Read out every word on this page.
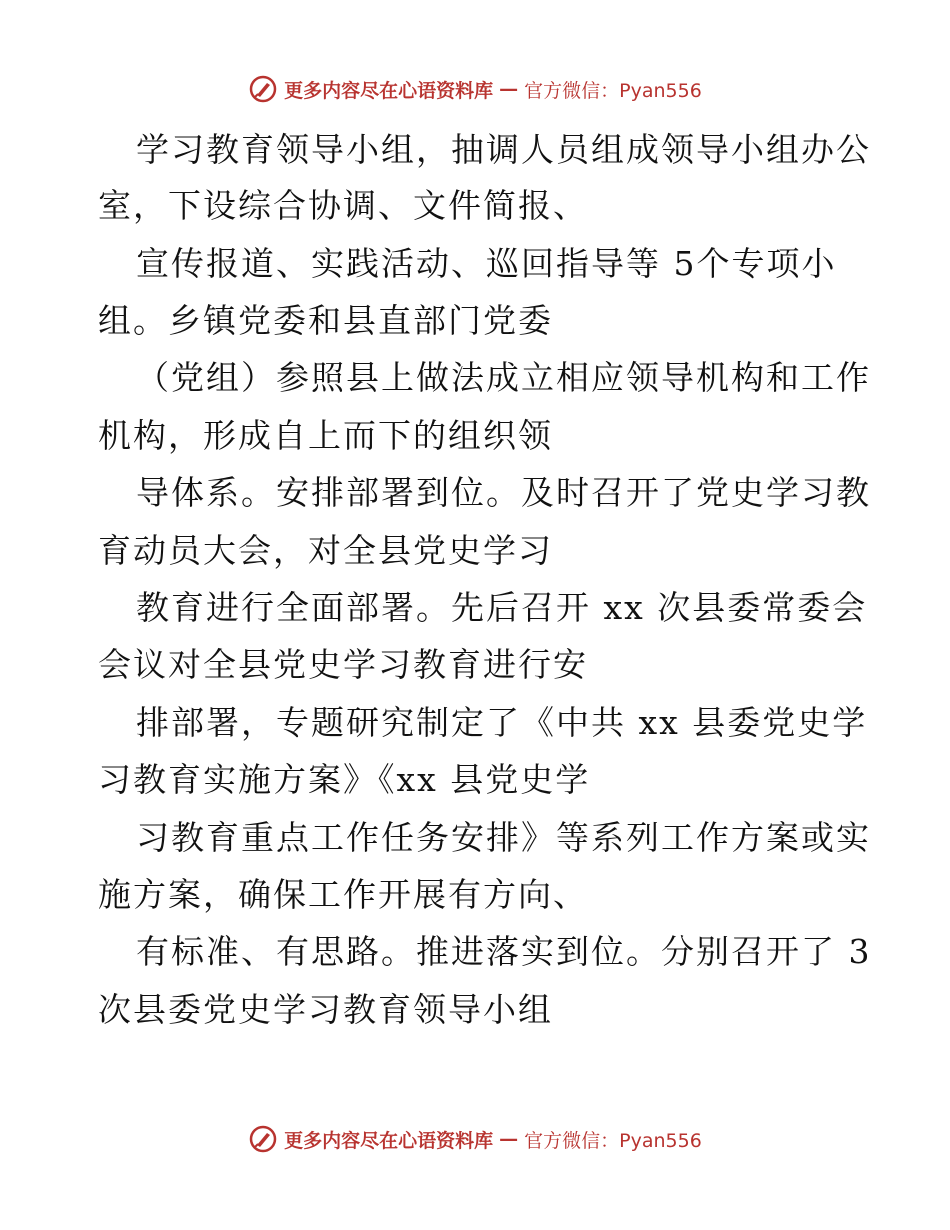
更多内容尽在心语资料库 — 官方微信：Pyan556
学习教育领导小组，抽调人员组成领导小组办公
室，下设综合协调、文件简报、
宣传报道、实践活动、巡回指导等 5个专项小
组。乡镇党委和县直部门党委
（党组）参照县上做法成立相应领导机构和工作
机构，形成自上而下的组织领
导体系。安排部署到位。及时召开了党史学习教
育动员大会，对全县党史学习
教育进行全面部署。先后召开 xx 次县委常委会
会议对全县党史学习教育进行安
排部署，专题研究制定了《中共 xx 县委党史学
习教育实施方案》《xx 县党史学
习教育重点工作任务安排》等系列工作方案或实
施方案，确保工作开展有方向、
有标准、有思路。推进落实到位。分别召开了 3
次县委党史学习教育领导小组
更多内容尽在心语资料库 — 官方微信：Pyan556
